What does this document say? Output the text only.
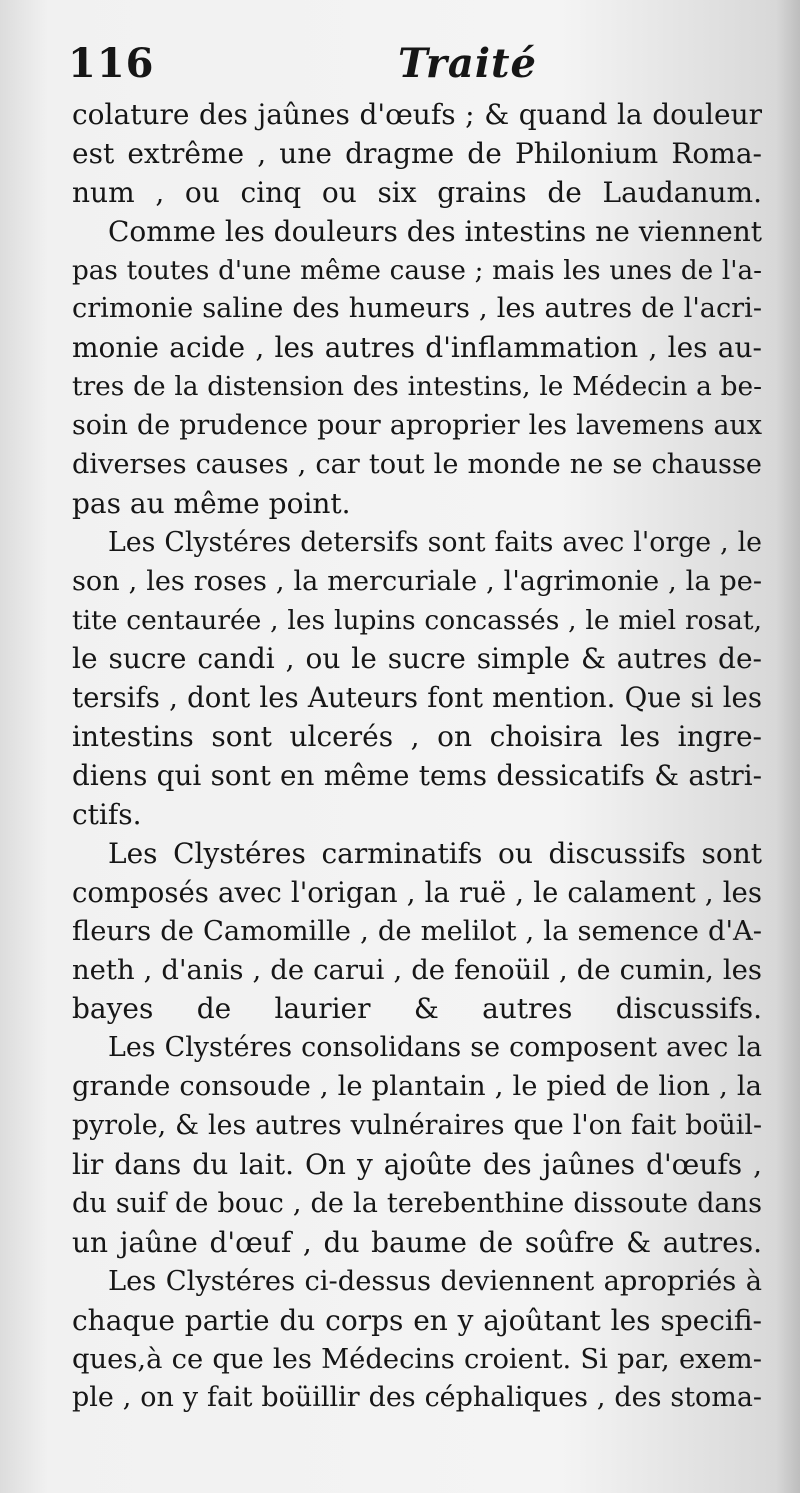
116	Traité
colature des jaûnes d'œufs ; & quand la douleur
est extrême , une dragme de Philonium Roma-
num , ou cinq ou six grains de Laudanum.
Comme les douleurs des intestins ne viennent
pas toutes d'une même cause ; mais les unes de l'a-
crimonie saline des humeurs , les autres de l'acri-
monie acide , les autres d'inflammation , les au-
tres de la distension des intestins, le Médecin a be-
soin de prudence pour aproprier les lavemens aux
diverses causes , car tout le monde ne se chausse
pas au même point.
Les Clystéres detersifs sont faits avec l'orge , le
son , les roses , la mercuriale , l'agrimonie , la pe-
tite centaurée , les lupins concassés , le miel rosat,
le sucre candi , ou le sucre simple & autres de-
tersifs , dont les Auteurs font mention. Que si les
intestins sont ulcerés , on choisira les ingre-
diens qui sont en même tems dessicatifs & astri-
ctifs.
Les Clystéres carminatifs ou discussifs sont
composés avec l'origan , la ruë , le calament , les
fleurs de Camomille , de melilot , la semence d'A-
neth , d'anis , de carui , de fenoüil , de cumin, les
bayes de laurier & autres discussifs.
Les Clystéres consolidans se composent avec la
grande consoude , le plantain , le pied de lion , la
pyrole, & les autres vulnéraires que l'on fait boüil-
lir dans du lait. On y ajoûte des jaûnes d'œufs ,
du suif de bouc , de la terebenthine dissoute dans
un jaûne d'œuf , du baume de soûfre & autres.
Les Clystéres ci-dessus deviennent apropriés à
chaque partie du corps en y ajoûtant les specifi-
ques,à ce que les Médecins croient. Si par, exem-
ple , on y fait boüillir des céphaliques , des stoma-
